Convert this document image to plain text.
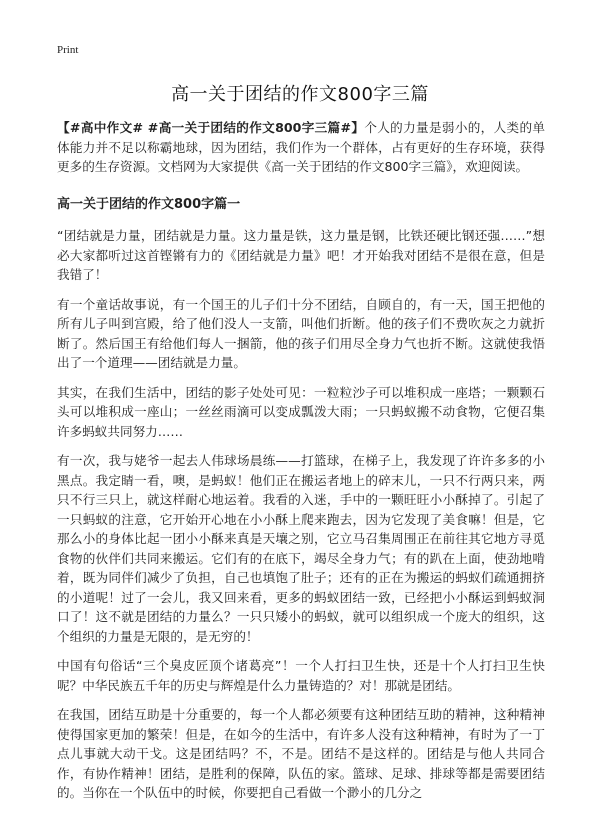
Print
高一关于团结的作文800字三篇

【#高中作文# #高一关于团结的作文800字三篇#】个人的力量是弱小的，人类的单体能力并不足以称霸地球，因为团结，我们作为一个群体，占有更好的生存环境，获得更多的生存资源。文档网为大家提供《高一关于团结的作文800字三篇》，欢迎阅读。

高一关于团结的作文800字篇一

“团结就是力量，团结就是力量。这力量是铁，这力量是钢，比铁还硬比钢还强……”想必大家都听过这首铿锵有力的《团结就是力量》吧！才开始我对团结不是很在意，但是我错了！

有一个童话故事说，有一个国王的儿子们十分不团结，自顾自的，有一天，国王把他的所有儿子叫到宫殿，给了他们没人一支箭，叫他们折断。他的孩子们不费吹灰之力就折断了。然后国王有给他们每人一捆箭，他的孩子们用尽全身力气也折不断。这就使我悟出了一个道理——团结就是力量。

其实，在我们生活中，团结的影子处处可见：一粒粒沙子可以堆积成一座塔；一颗颗石头可以堆积成一座山；一丝丝雨滴可以变成瓢泼大雨；一只蚂蚁搬不动食物，它便召集许多蚂蚁共同努力……

有一次，我与姥爷一起去人伟球场晨练——打篮球，在梯子上，我发现了许许多多的小黑点。我定睛一看，噢，是蚂蚁！他们正在搬运者地上的碎末儿，一只不行两只来，两只不行三只上，就这样耐心地运着。我看的入迷，手中的一颗旺旺小小酥掉了。引起了一只蚂蚁的注意，它开始开心地在小小酥上爬来跑去，因为它发现了美食嘛！但是，它那么小的身体比起一团小小酥来真是天壤之别，它立马召集周围正在前往其它地方寻觅食物的伙伴们共同来搬运。它们有的在底下，竭尽全身力气；有的趴在上面，使劲地啃着，既为同伴们减少了负担，自己也填饱了肚子；还有的正在为搬运的蚂蚁们疏通拥挤的小道呢！过了一会儿，我又回来看，更多的蚂蚁团结一致，已经把小小酥运到蚂蚁洞口了！这不就是团结的力量么？一只只矮小的蚂蚁，就可以组织成一个庞大的组织，这个组织的力量是无限的，是无穷的！

中国有句俗话“三个臭皮匠顶个诸葛亮”！一个人打扫卫生快，还是十个人打扫卫生快呢？中华民族五千年的历史与辉煌是什么力量铸造的？对！那就是团结。

在我国，团结互助是十分重要的，每一个人都必须要有这种团结互助的精神，这种精神使得国家更加的繁荣！但是，在如今的生活中，有许多人没有这种精神，有时为了一丁点儿事就大动干戈。这是团结吗？不，不是。团结不是这样的。团结是与他人共同合作，有协作精神！团结，是胜利的保障，队伍的家。篮球、足球、排球等都是需要团结的。当你在一个队伍中的时候，你要把自己看做一个渺小的几分之
